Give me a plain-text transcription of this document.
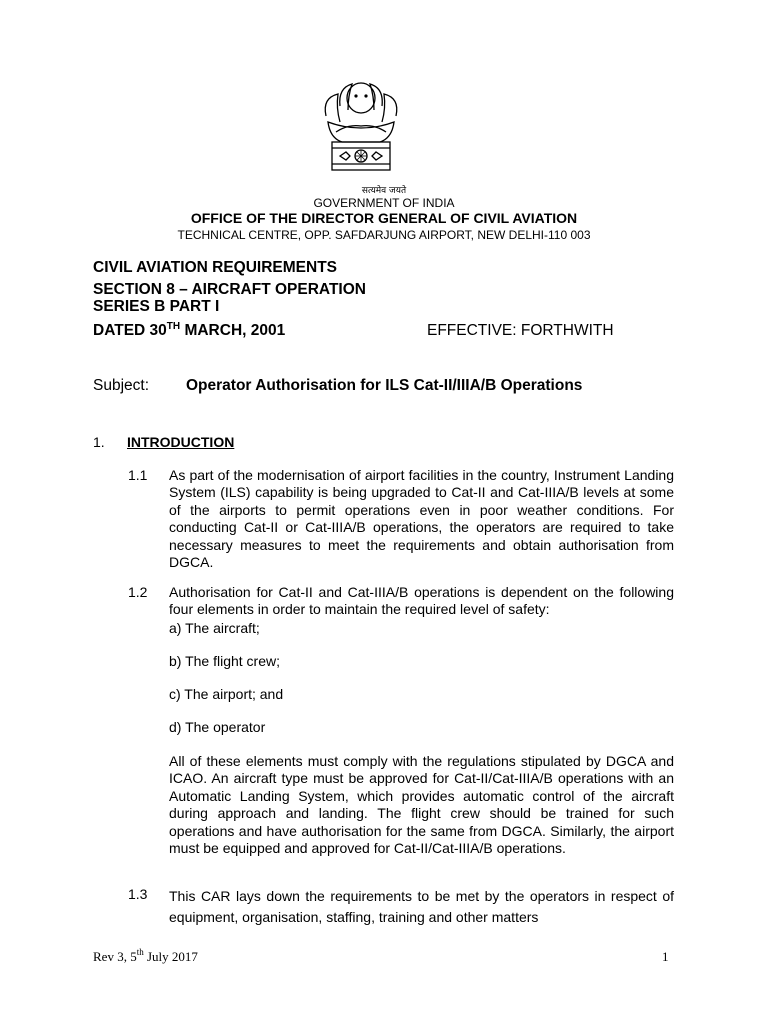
सत्यमेव जयते
GOVERNMENT OF INDIA
OFFICE OF THE DIRECTOR GENERAL OF CIVIL AVIATION
TECHNICAL CENTRE, OPP. SAFDARJUNG AIRPORT, NEW DELHI-110 003
CIVIL AVIATION REQUIREMENTS
SECTION 8 – AIRCRAFT OPERATION
SERIES B PART I
DATED 30TH MARCH, 2001	EFFECTIVE: FORTHWITH
Subject: Operator Authorisation for ILS Cat-II/IIIA/B Operations
1. INTRODUCTION
1.1 As part of the modernisation of airport facilities in the country, Instrument Landing System (ILS) capability is being upgraded to Cat-II and Cat-IIIA/B levels at some of the airports to permit operations even in poor weather conditions. For conducting Cat-II or Cat-IIIA/B operations, the operators are required to take necessary measures to meet the requirements and obtain authorisation from DGCA.
1.2 Authorisation for Cat-II and Cat-IIIA/B operations is dependent on the following four elements in order to maintain the required level of safety:
a) The aircraft;
b) The flight crew;
c) The airport; and
d) The operator
All of these elements must comply with the regulations stipulated by DGCA and ICAO. An aircraft type must be approved for Cat-II/Cat-IIIA/B operations with an Automatic Landing System, which provides automatic control of the aircraft during approach and landing. The flight crew should be trained for such operations and have authorisation for the same from DGCA. Similarly, the airport must be equipped and approved for Cat-II/Cat-IIIA/B operations.
1.3 This CAR lays down the requirements to be met by the operators in respect of equipment, organisation, staffing, training and other matters
Rev 3, 5th July 2017	1
